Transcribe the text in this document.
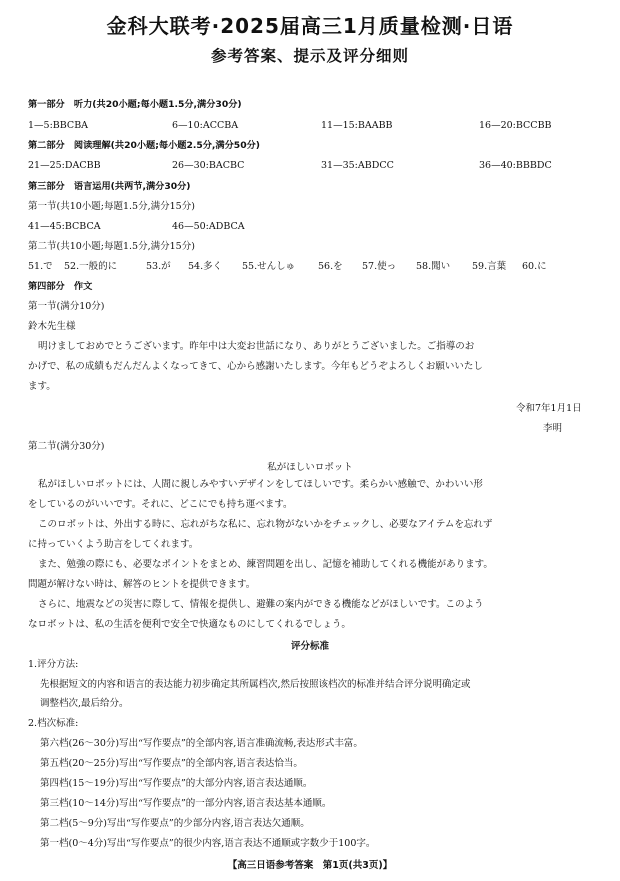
金科大联考·2025届高三1月质量检测·日语
参考答案、提示及评分细则
第一部分　听力(共20小题;每小题1.5分,满分30分)
1—5:BBCBA	6—10:ACCBA	11—15:BAABB	16—20:BCCBB
第二部分　阅读理解(共20小题;每小题2.5分,满分50分)
21—25:DACBB	26—30:BACBC	31—35:ABDCC	36—40:BBBDC
第三部分　语言运用(共两节,满分30分)
第一节(共10小题;每题1.5分,满分15分)
41—45:BCBCA	46—50:ADBCA
第二节(共10小题;每题1.5分,满分15分)
51.で 52.一般的に	53.が 54.多く 55.せんしゅ 56.を 57.使っ 58.聞い 59.言葉 60.に
第四部分　作文
第一节(满分10分)
鈴木先生様
明けましておめでとうございます。昨年中は大変お世話になり、ありがとうございました。ご指導のお
かげで、私の成績もだんだんよくなってきて、心から感謝いたします。今年もどうぞよろしくお願いいたし
ます。
令和7年1月1日
李明
第二节(满分30分)
私がほしいロボット
私がほしいロボットには、人間に親しみやすいデザインをしてほしいです。柔らかい感触で、かわいい形
をしているのがいいです。それに、どこにでも持ち運べます。
このロボットは、外出する時に、忘れがちな私に、忘れ物がないかをチェックし、必要なアイテムを忘れず
に持っていくよう助言をしてくれます。
また、勉強の際にも、必要なポイントをまとめ、練習問題を出し、記憶を補助してくれる機能があります。
問題が解けない時は、解答のヒントを提供できます。
さらに、地震などの災害に際して、情報を提供し、避難の案内ができる機能などがほしいです。このよう
なロボットは、私の生活を便利で安全で快適なものにしてくれるでしょう。
评分标准
1.评分方法:
先根据短文的内容和语言的表达能力初步确定其所属档次,然后按照该档次的标准并结合评分说明确定或
调整档次,最后给分。
2.档次标准:
第六档(26～30分)写出“写作要点”的全部内容,语言准确流畅,表达形式丰富。
第五档(20～25分)写出“写作要点”的全部内容,语言表达恰当。
第四档(15～19分)写出“写作要点”的大部分内容,语言表达通顺。
第三档(10～14分)写出“写作要点”的一部分内容,语言表达基本通顺。
第二档(5～9分)写出“写作要点”的少部分内容,语言表达欠通顺。
第一档(0～4分)写出“写作要点”的很少内容,语言表达不通顺或字数少于100字。
【高三日语参考答案　第1页(共3页)】
